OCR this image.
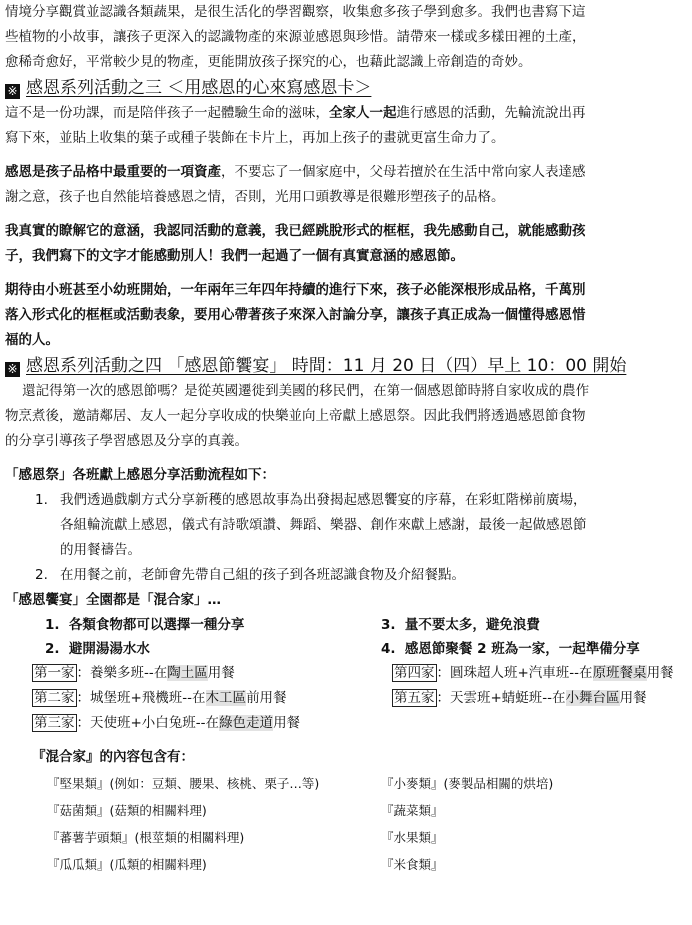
情境分享觀賞並認識各類蔬果，是很生活化的學習觀察，收集愈多孩子學到愈多。我們也書寫下這

些植物的小故事，讓孩子更深入的認識物產的來源並感恩與珍惜。請帶來一樣或多樣田裡的土產，

愈稀奇愈好，平常較少見的物產，更能開放孩子探究的心，也藉此認識上帝創造的奇妙。

※ 感恩系列活動之三 ＜用感恩的心來寫感恩卡＞

這不是一份功課，而是陪伴孩子一起體驗生命的滋味，全家人一起進行感恩的活動，先輪流說出再

寫下來，並貼上收集的葉子或種子裝飾在卡片上，再加上孩子的畫就更富生命力了。

感恩是孩子品格中最重要的一項資產，不要忘了一個家庭中，父母若擅於在生活中常向家人表達感

謝之意，孩子也自然能培養感恩之情，否則，光用口頭教導是很難形塑孩子的品格。

我真實的瞭解它的意涵，我認同活動的意義，我已經跳脫形式的框框，我先感動自己，就能感動孩

子，我們寫下的文字才能感動別人！我們一起過了一個有真實意涵的感恩節。

期待由小班甚至小幼班開始，一年兩年三年四年持續的進行下來，孩子必能深根形成品格，千萬別

落入形式化的框框或活動表象，要用心帶著孩子來深入討論分享，讓孩子真正成為一個懂得感恩惜

福的人。

※ 感恩系列活動之四 「感恩節饗宴」 時間：11 月 20 日（四）早上 10：00 開始

還記得第一次的感恩節嗎？是從英國遷徙到美國的移民們，在第一個感恩節時將自家收成的農作

物烹煮後，邀請鄰居、友人一起分享收成的快樂並向上帝獻上感恩祭。因此我們將透過感恩節食物

的分享引導孩子學習感恩及分享的真義。

「感恩祭」各班獻上感恩分享活動流程如下：

1. 我們透過戲劇方式分享新穫的感恩故事為出發揭起感恩饗宴的序幕，在彩虹階梯前廣場，
各組輪流獻上感恩，儀式有詩歌頌讚、舞蹈、樂器、創作來獻上感謝，最後一起做感恩節
的用餐禱告。
2. 在用餐之前，老師會先帶自己組的孩子到各班認識食物及介紹餐點。

「感恩饗宴」全園都是「混合家」…

1.  各類食物都可以選擇一種分享	3.  量不要太多，避免浪費
2.  避開湯湯水水	4.  感恩節聚餐 2 班為一家，一起準備分享
第一家 ：養樂多班--在陶土區用餐	第四家 ：圓珠超人班+汽車班--在原班餐桌用餐
第二家 ：城堡班+飛機班--在木工區前用餐	第五家 ：天雲班+蜻蜓班--在小舞台區用餐
第三家 ：天使班+小白兔班--在綠色走道用餐

『混合家』的內容包含有：

『堅果類』(例如：豆類、腰果、核桃、栗子…等)	『小麥類』(麥製品相關的烘培)
『菇菌類』(菇類的相關料理)	『蔬菜類』
『蕃薯芋頭類』(根莖類的相關料理)	『水果類』
『瓜瓜類』(瓜類的相關料理)	『米食類』
